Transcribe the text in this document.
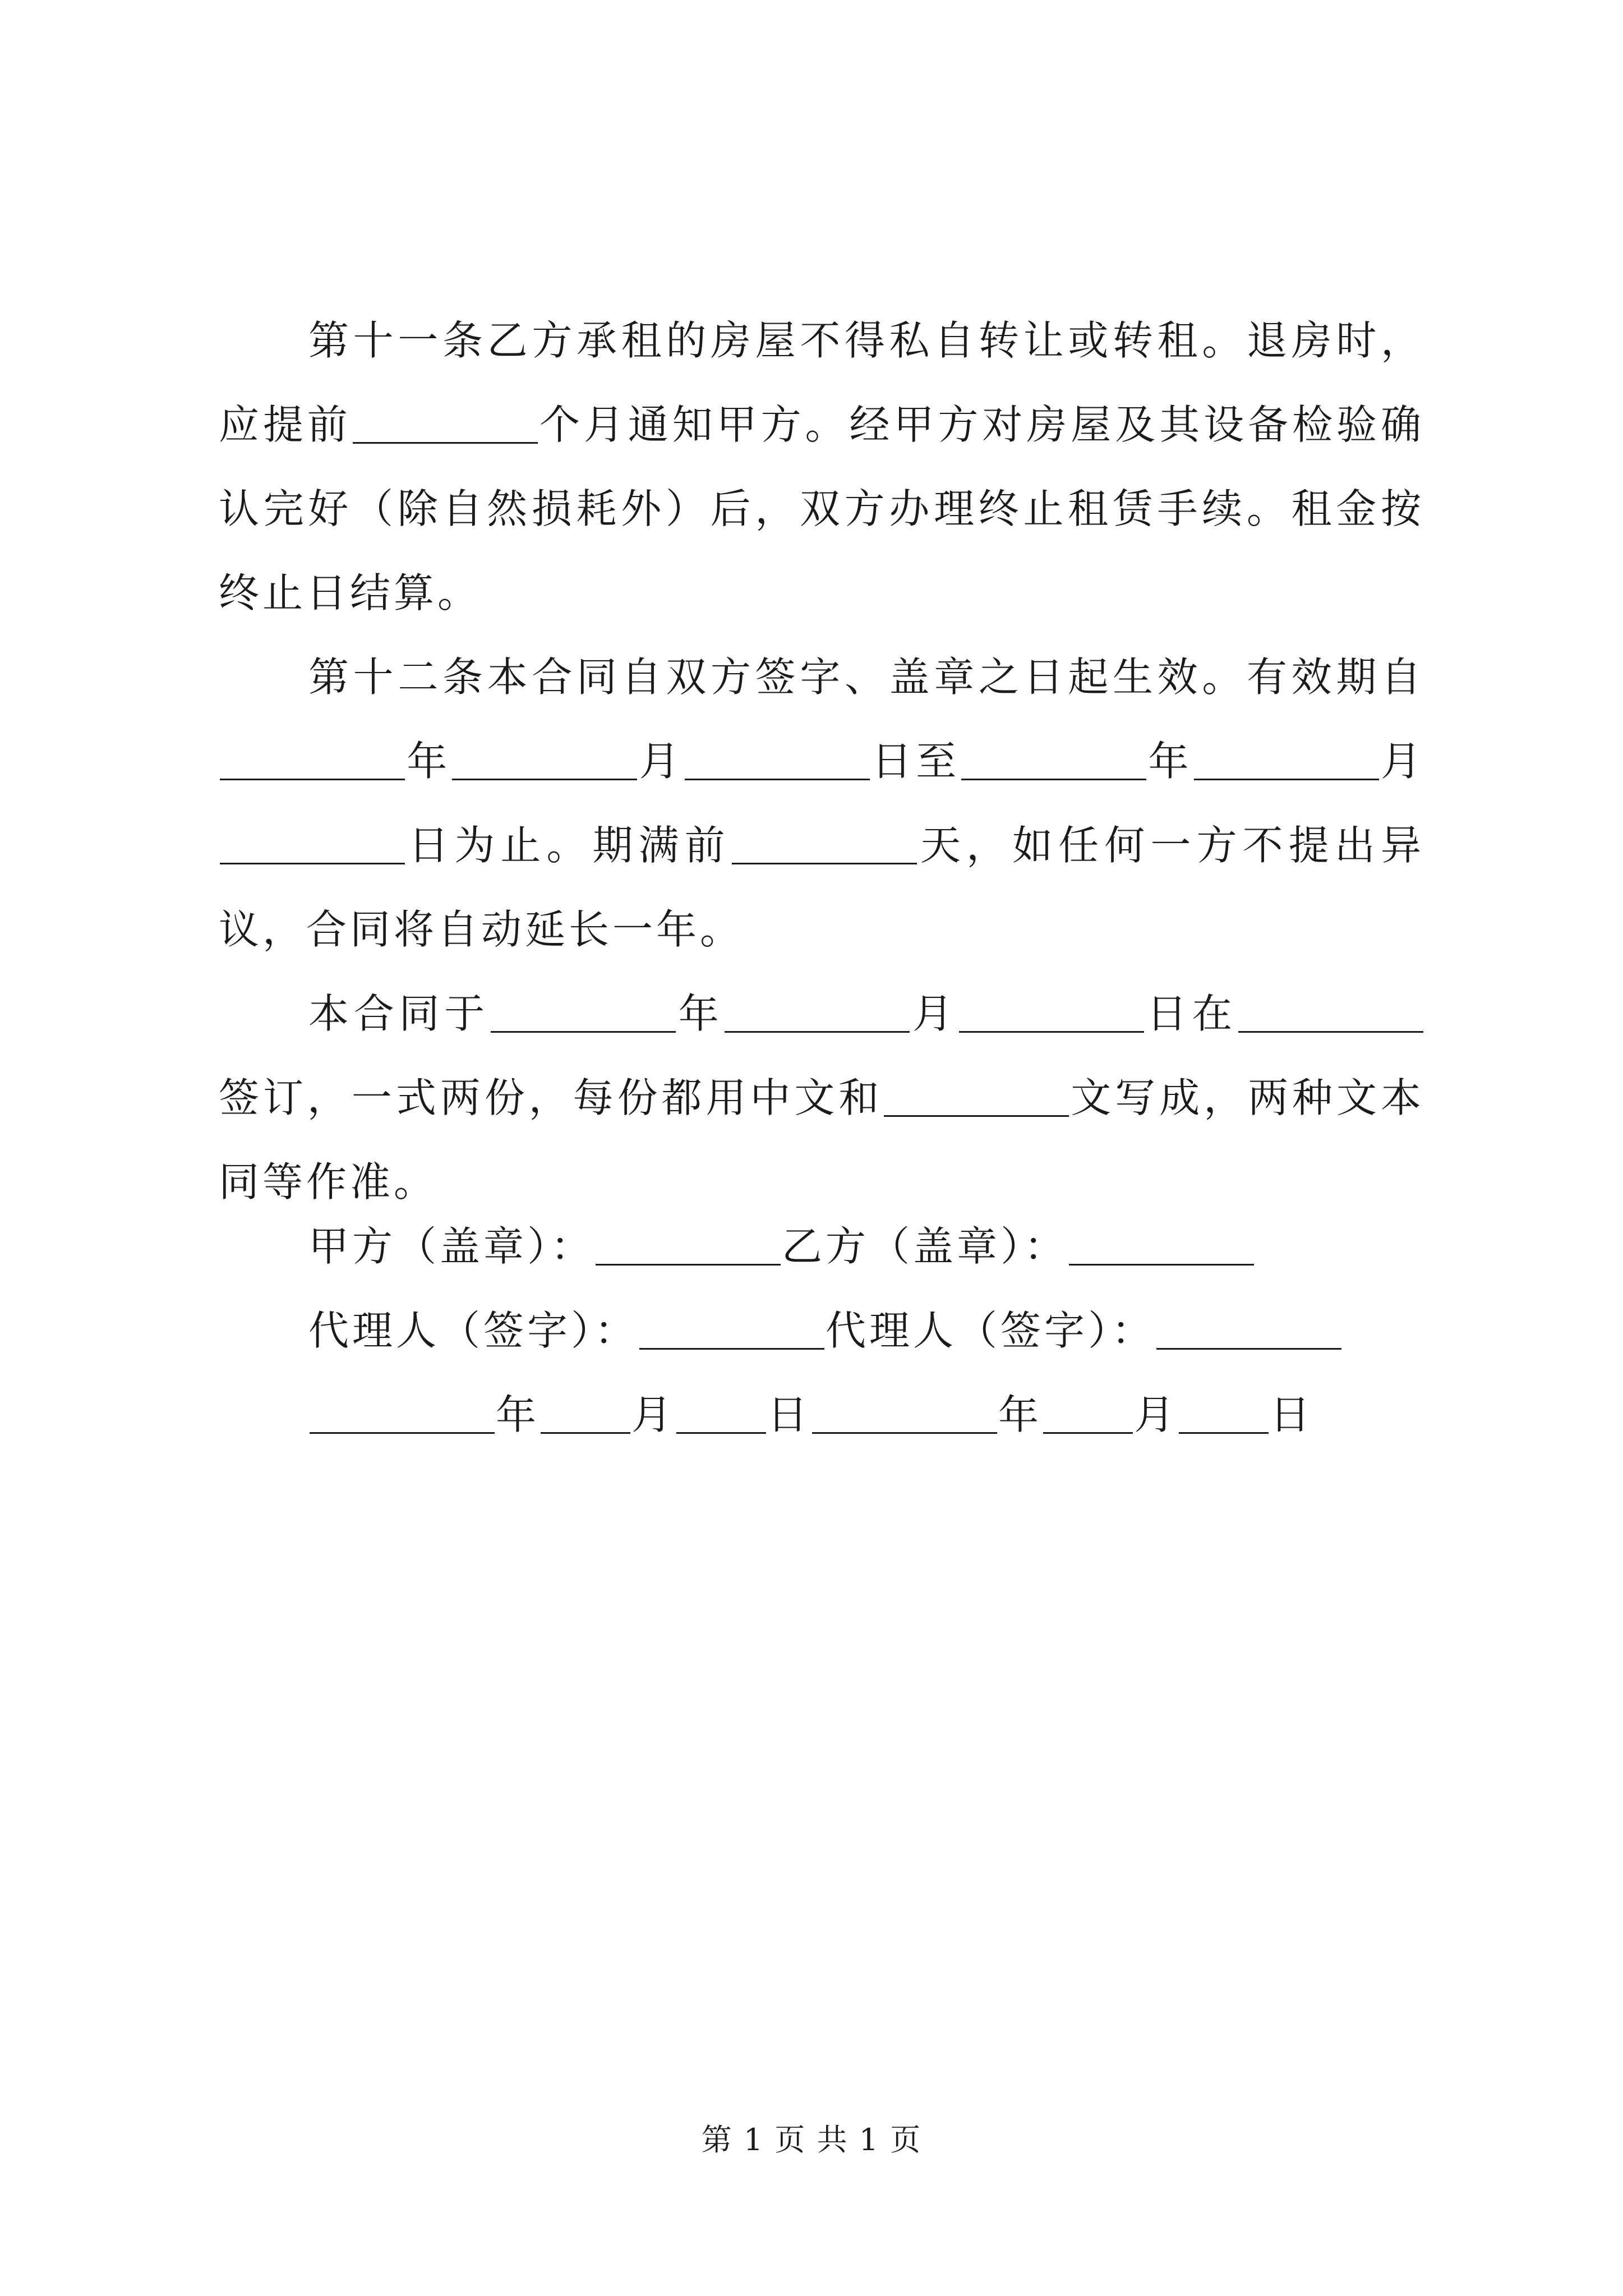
第十一条乙方承租的房屋不得私自转让或转租。退房时，应提前	个月通知甲方。经甲方对房屋及其设备检验确认完好（除自然损耗外）后，双方办理终止租赁手续。租金按终止日结算。

第十二条本合同自双方签字、盖章之日起生效。有效期自年	月	日至	年	月日为止。期满前	天，如任何一方不提出异议，合同将自动延长一年。

本合同于	年	月	日在签订，一式两份，每份都用中文和	文写成，两种文本同等作准。

甲方（盖章）：	乙方（盖章）：
代理人（签字）：	代理人（签字）：
年 月 日	年 月 日
第 1 页 共 1 页
